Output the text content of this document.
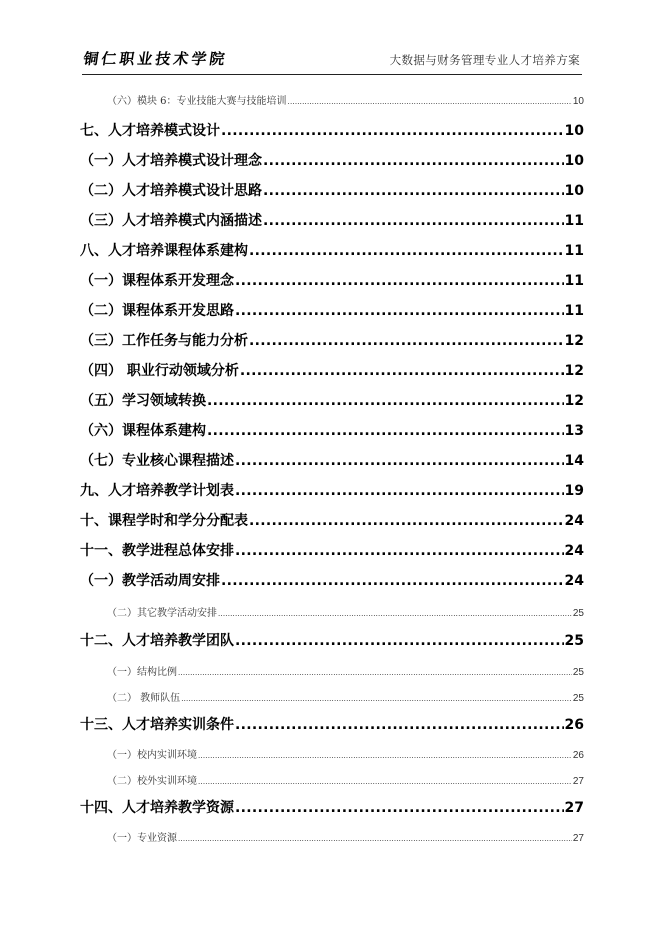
铜仁职业技术学院	大数据与财务管理专业人才培养方案
（六）模块 6：专业技能大赛与技能培训 .....	10
七、人才培养模式设计 .....	10
（一）人才培养模式设计理念 .....	10
（二）人才培养模式设计思路 .....	10
（三）人才培养模式内涵描述 .....	11
八、人才培养课程体系建构 .....	11
（一）课程体系开发理念 .....	11
（二）课程体系开发思路 .....	11
（三）工作任务与能力分析 .....	12
（四） 职业行动领域分析 .....	12
（五）学习领域转换 .....	12
（六）课程体系建构 .....	13
（七）专业核心课程描述 .....	14
九、人才培养教学计划表 .....	19
十、课程学时和学分分配表 .....	24
十一、教学进程总体安排 .....	24
（一）教学活动周安排 .....	24
（二）其它教学活动安排 .....	25
十二、人才培养教学团队 .....	25
（一）结构比例 .....	25
（二） 教师队伍 .....	25
十三、人才培养实训条件 .....	26
（一）校内实训环境 .....	26
（二）校外实训环境 .....	27
十四、人才培养教学资源 .....	27
（一）专业资源 .....	27
